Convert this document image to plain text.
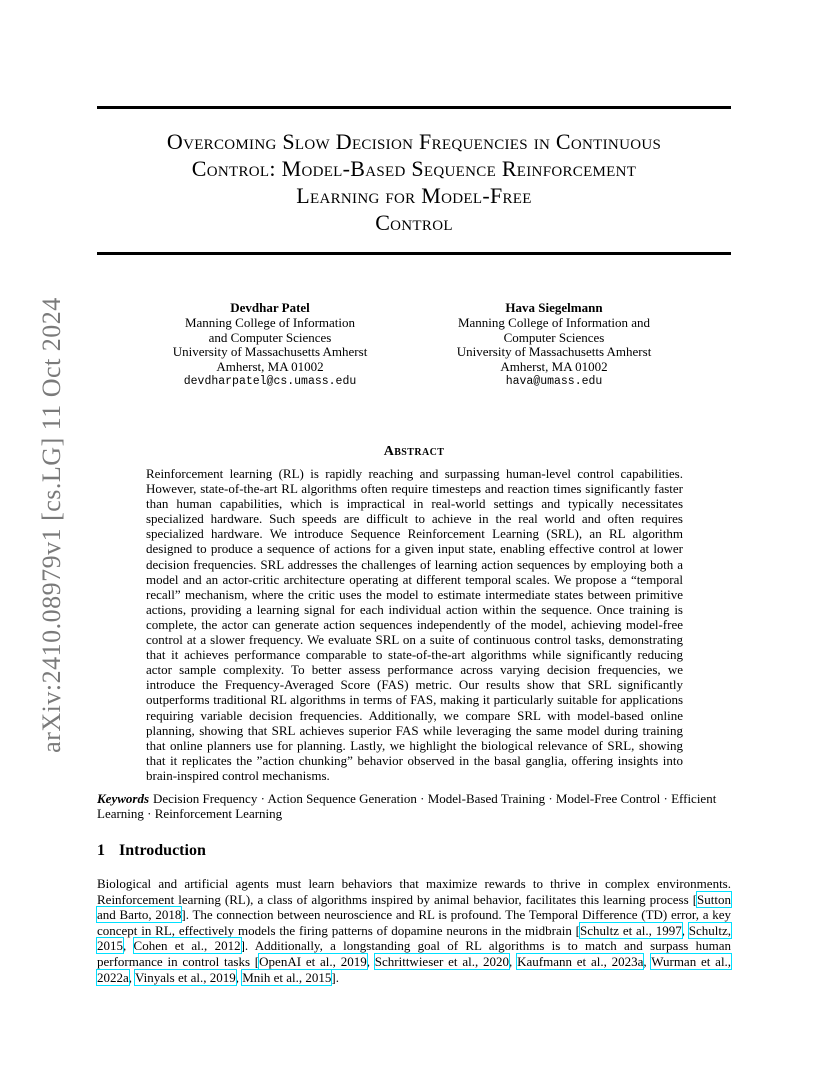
arXiv:2410.08979v1 [cs.LG] 11 Oct 2024
Overcoming Slow Decision Frequencies in Continuous
Control: Model-Based Sequence Reinforcement
Learning for Model-Free
Control
Devdhar Patel
Manning College of Information
and Computer Sciences
University of Massachusetts Amherst
Amherst, MA 01002
devdharpatel@cs.umass.edu
Hava Siegelmann
Manning College of Information and
Computer Sciences
University of Massachusetts Amherst
Amherst, MA 01002
hava@umass.edu
Abstract
Reinforcement learning (RL) is rapidly reaching and surpassing human-level control capabilities. However, state-of-the-art RL algorithms often require timesteps and reaction times significantly faster than human capabilities, which is impractical in real-world settings and typically necessitates specialized hardware. Such speeds are difficult to achieve in the real world and often requires specialized hardware. We introduce Sequence Reinforcement Learning (SRL), an RL algorithm designed to produce a sequence of actions for a given input state, enabling effective control at lower decision frequencies. SRL addresses the challenges of learning action sequences by employing both a model and an actor-critic architecture operating at different temporal scales. We propose a “temporal recall” mechanism, where the critic uses the model to estimate intermediate states between primitive actions, providing a learning signal for each individual action within the sequence. Once training is complete, the actor can generate action sequences independently of the model, achieving model-free control at a slower frequency. We evaluate SRL on a suite of continuous control tasks, demonstrating that it achieves performance comparable to state-of-the-art algorithms while significantly reducing actor sample complexity. To better assess performance across varying decision frequencies, we introduce the Frequency-Averaged Score (FAS) metric. Our results show that SRL significantly outperforms traditional RL algorithms in terms of FAS, making it particularly suitable for applications requiring variable decision frequencies. Additionally, we compare SRL with model-based online planning, showing that SRL achieves superior FAS while leveraging the same model during training that online planners use for planning. Lastly, we highlight the biological relevance of SRL, showing that it replicates the ”action chunking” behavior observed in the basal ganglia, offering insights into brain-inspired control mechanisms.
Keywords Decision Frequency · Action Sequence Generation · Model-Based Training · Model-Free Control · Efficient Learning · Reinforcement Learning
1 Introduction
Biological and artificial agents must learn behaviors that maximize rewards to thrive in complex environments. Reinforcement learning (RL), a class of algorithms inspired by animal behavior, facilitates this learning process [Sutton and Barto, 2018]. The connection between neuroscience and RL is profound. The Temporal Difference (TD) error, a key concept in RL, effectively models the firing patterns of dopamine neurons in the midbrain [Schultz et al., 1997, Schultz, 2015, Cohen et al., 2012]. Additionally, a longstanding goal of RL algorithms is to match and surpass human performance in control tasks [OpenAI et al., 2019, Schrittwieser et al., 2020, Kaufmann et al., 2023a, Wurman et al., 2022a, Vinyals et al., 2019, Mnih et al., 2015].
